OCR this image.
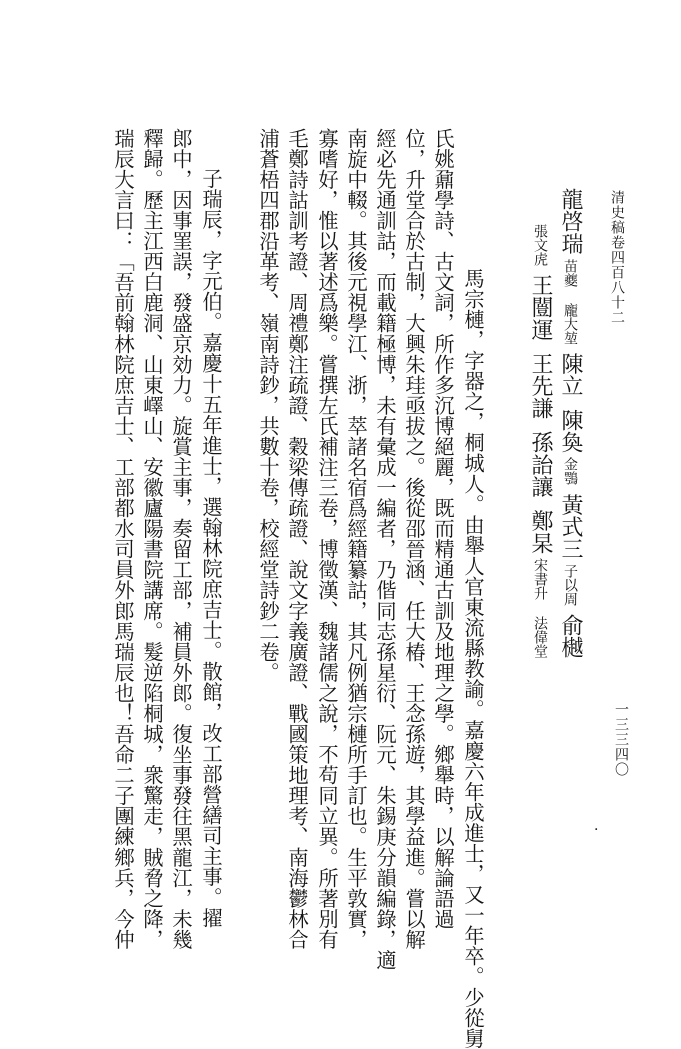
清史稿卷四百八十二
一三三四〇
龍啓瑞苗夔 龐大堃陳立陳奐金鶚黃式三子以周俞樾
張文虎王闓運王先謙孫詒讓鄭杲宋書升 法偉堂
馬宗槤，字器之，桐城人。由舉人官東流縣教諭。嘉慶六年成進士，又一年卒。少從舅
氏姚鼐學詩、古文詞，所作多沉博絕麗，既而精通古訓及地理之學。鄉舉時，以解論語過
位，升堂合於古制，大興朱珪亟拔之。後從邵晉涵、任大椿、王念孫遊，其學益進。嘗以解
經必先通訓詁，而載籍極博，未有彙成一編者，乃偕同志孫星衍、阮元、朱錫庚分韻編錄，適
南旋中輟。其後元視學江、浙，萃諸名宿爲經籍纂詁，其凡例猶宗槤所手訂也。生平敦實，
寡嗜好，惟以著述爲樂。嘗撰左氏補注三卷，博徵漢、魏諸儒之說，不苟同立異。所著別有
毛鄭詩詁訓考證、周禮鄭注疏證、穀梁傳疏證、說文字義廣證、戰國策地理考、南海鬱林合
浦蒼梧四郡沿革考、嶺南詩鈔，共數十卷，校經堂詩鈔二卷。
子瑞辰，字元伯。嘉慶十五年進士，選翰林院庶吉士。散館，改工部營繕司主事。擢
郎中，因事罣誤，發盛京効力。旋賞主事，奏留工部，補員外郎。復坐事發往黑龍江，未幾
釋歸。歷主江西白鹿洞、山東嶧山、安徽廬陽書院講席。髮逆陷桐城，衆驚走，賊脅之降，
瑞辰大言曰：「吾前翰林院庶吉士、工部都水司員外郎馬瑞辰也！吾命二子團練鄉兵，今仲	·
